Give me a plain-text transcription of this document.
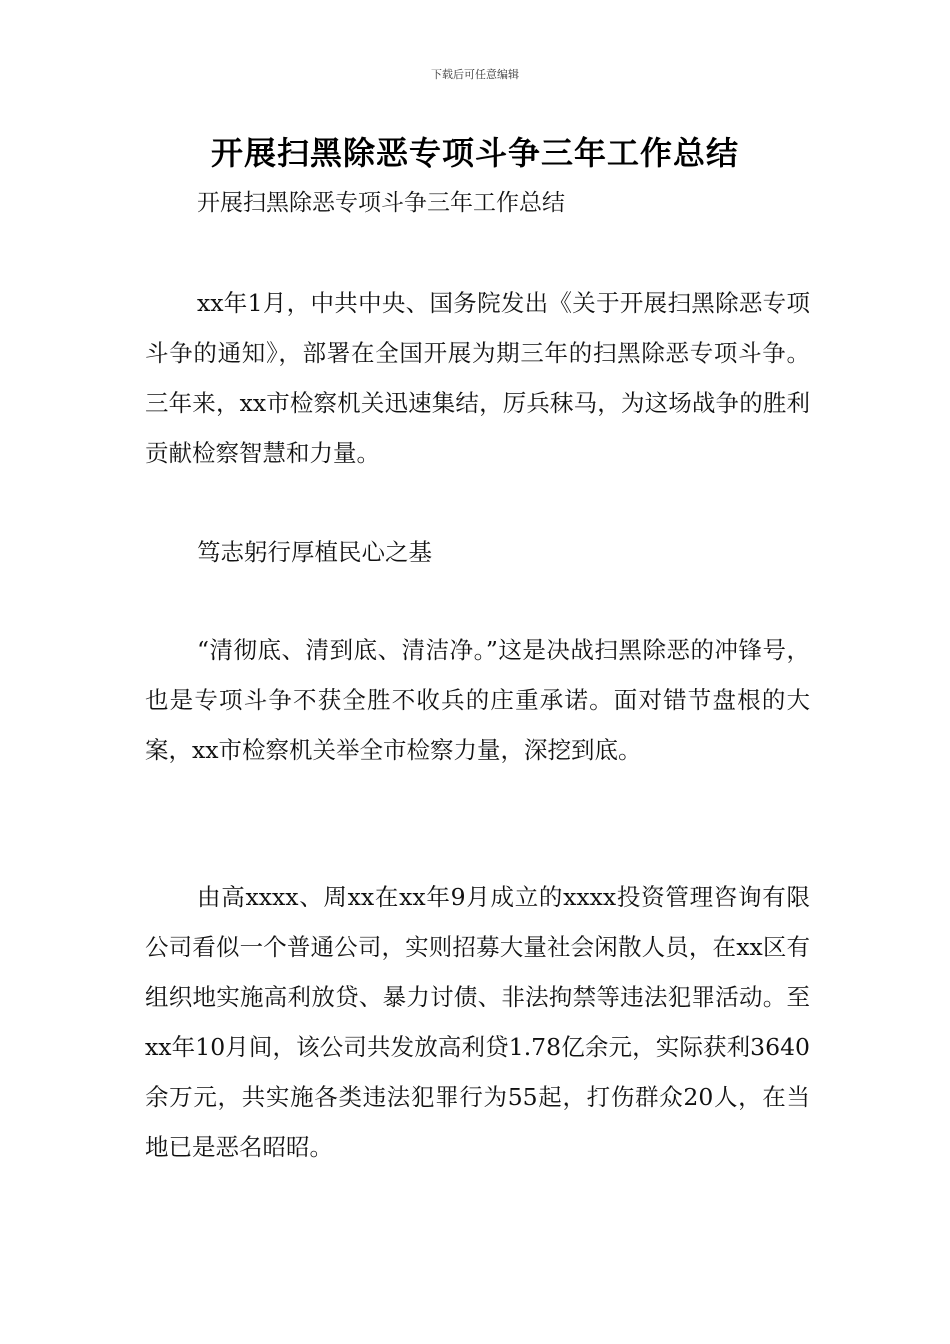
下载后可任意编辑
开展扫黑除恶专项斗争三年工作总结
开展扫黑除恶专项斗争三年工作总结

xx年1月，中共中央、国务院发出《关于开展扫黑除恶专项斗争的通知》，部署在全国开展为期三年的扫黑除恶专项斗争。三年来，xx市检察机关迅速集结，厉兵秣马，为这场战争的胜利贡献检察智慧和力量。

笃志躬行厚植民心之基

“清彻底、清到底、清洁净。”这是决战扫黑除恶的冲锋号，也是专项斗争不获全胜不收兵的庄重承诺。面对错节盘根的大案，xx市检察机关举全市检察力量，深挖到底。

由高xxxx、周xx在xx年9月成立的xxxx投资管理咨询有限公司看似一个普通公司，实则招募大量社会闲散人员，在xx区有组织地实施高利放贷、暴力讨债、非法拘禁等违法犯罪活动。至xx年10月间，该公司共发放高利贷1.78亿余元，实际获利3640余万元，共实施各类违法犯罪行为55起，打伤群众20人，在当地已是恶名昭昭。
